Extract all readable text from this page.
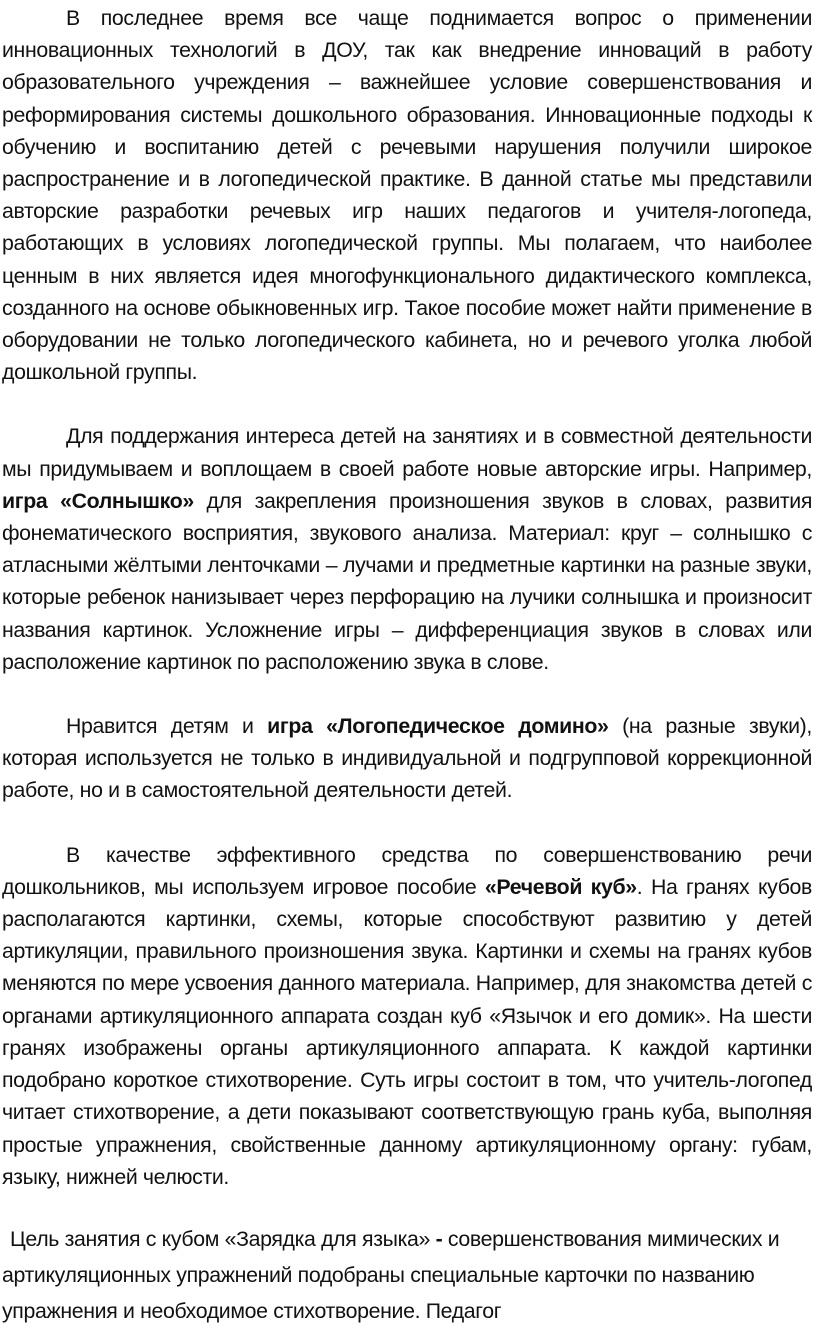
В последнее время все чаще поднимается вопрос о применении инновационных технологий в ДОУ, так как внедрение инноваций в работу образовательного учреждения – важнейшее условие совершенствования и реформирования системы дошкольного образования. Инновационные подходы к обучению и воспитанию детей с речевыми нарушения получили широкое распространение и в логопедической практике. В данной статье мы представили авторские разработки речевых игр наших педагогов и учителя-логопеда, работающих в условиях логопедической группы. Мы полагаем, что наиболее ценным в них является идея многофункционального дидактического комплекса, созданного на основе обыкновенных игр. Такое пособие может найти применение в оборудовании не только логопедического кабинета, но и речевого уголка любой дошкольной группы.

Для поддержания интереса детей на занятиях и в совместной деятельности мы придумываем и воплощаем в своей работе новые авторские игры. Например, игра «Солнышко» для закрепления произношения звуков в словах, развития фонематического восприятия, звукового анализа. Материал: круг – солнышко с атласными жёлтыми ленточками – лучами и предметные картинки на разные звуки, которые ребенок нанизывает через перфорацию на лучики солнышка и произносит названия картинок. Усложнение игры – дифференциация звуков в словах или расположение картинок по расположению звука в слове.

Нравится детям и игра «Логопедическое домино» (на разные звуки), которая используется не только в индивидуальной и подгрупповой коррекционной работе, но и в самостоятельной деятельности детей.

В качестве эффективного средства по совершенствованию речи дошкольников, мы используем игровое пособие «Речевой куб». На гранях кубов располагаются картинки, схемы, которые способствуют развитию у детей артикуляции, правильного произношения звука. Картинки и схемы на гранях кубов меняются по мере усвоения данного материала. Например, для знакомства детей с органами артикуляционного аппарата создан куб «Язычок и его домик». На шести гранях изображены органы артикуляционного аппарата. К каждой картинки подобрано короткое стихотворение. Суть игры состоит в том, что учитель-логопед читает стихотворение, а дети показывают соответствующую грань куба, выполняя простые упражнения, свойственные данному артикуляционному органу: губам, языку, нижней челюсти.

Цель занятия с кубом «Зарядка для языка» - совершенствования мимических и артикуляционных упражнений подобраны специальные карточки по названию упражнения и необходимое стихотворение. Педагог
